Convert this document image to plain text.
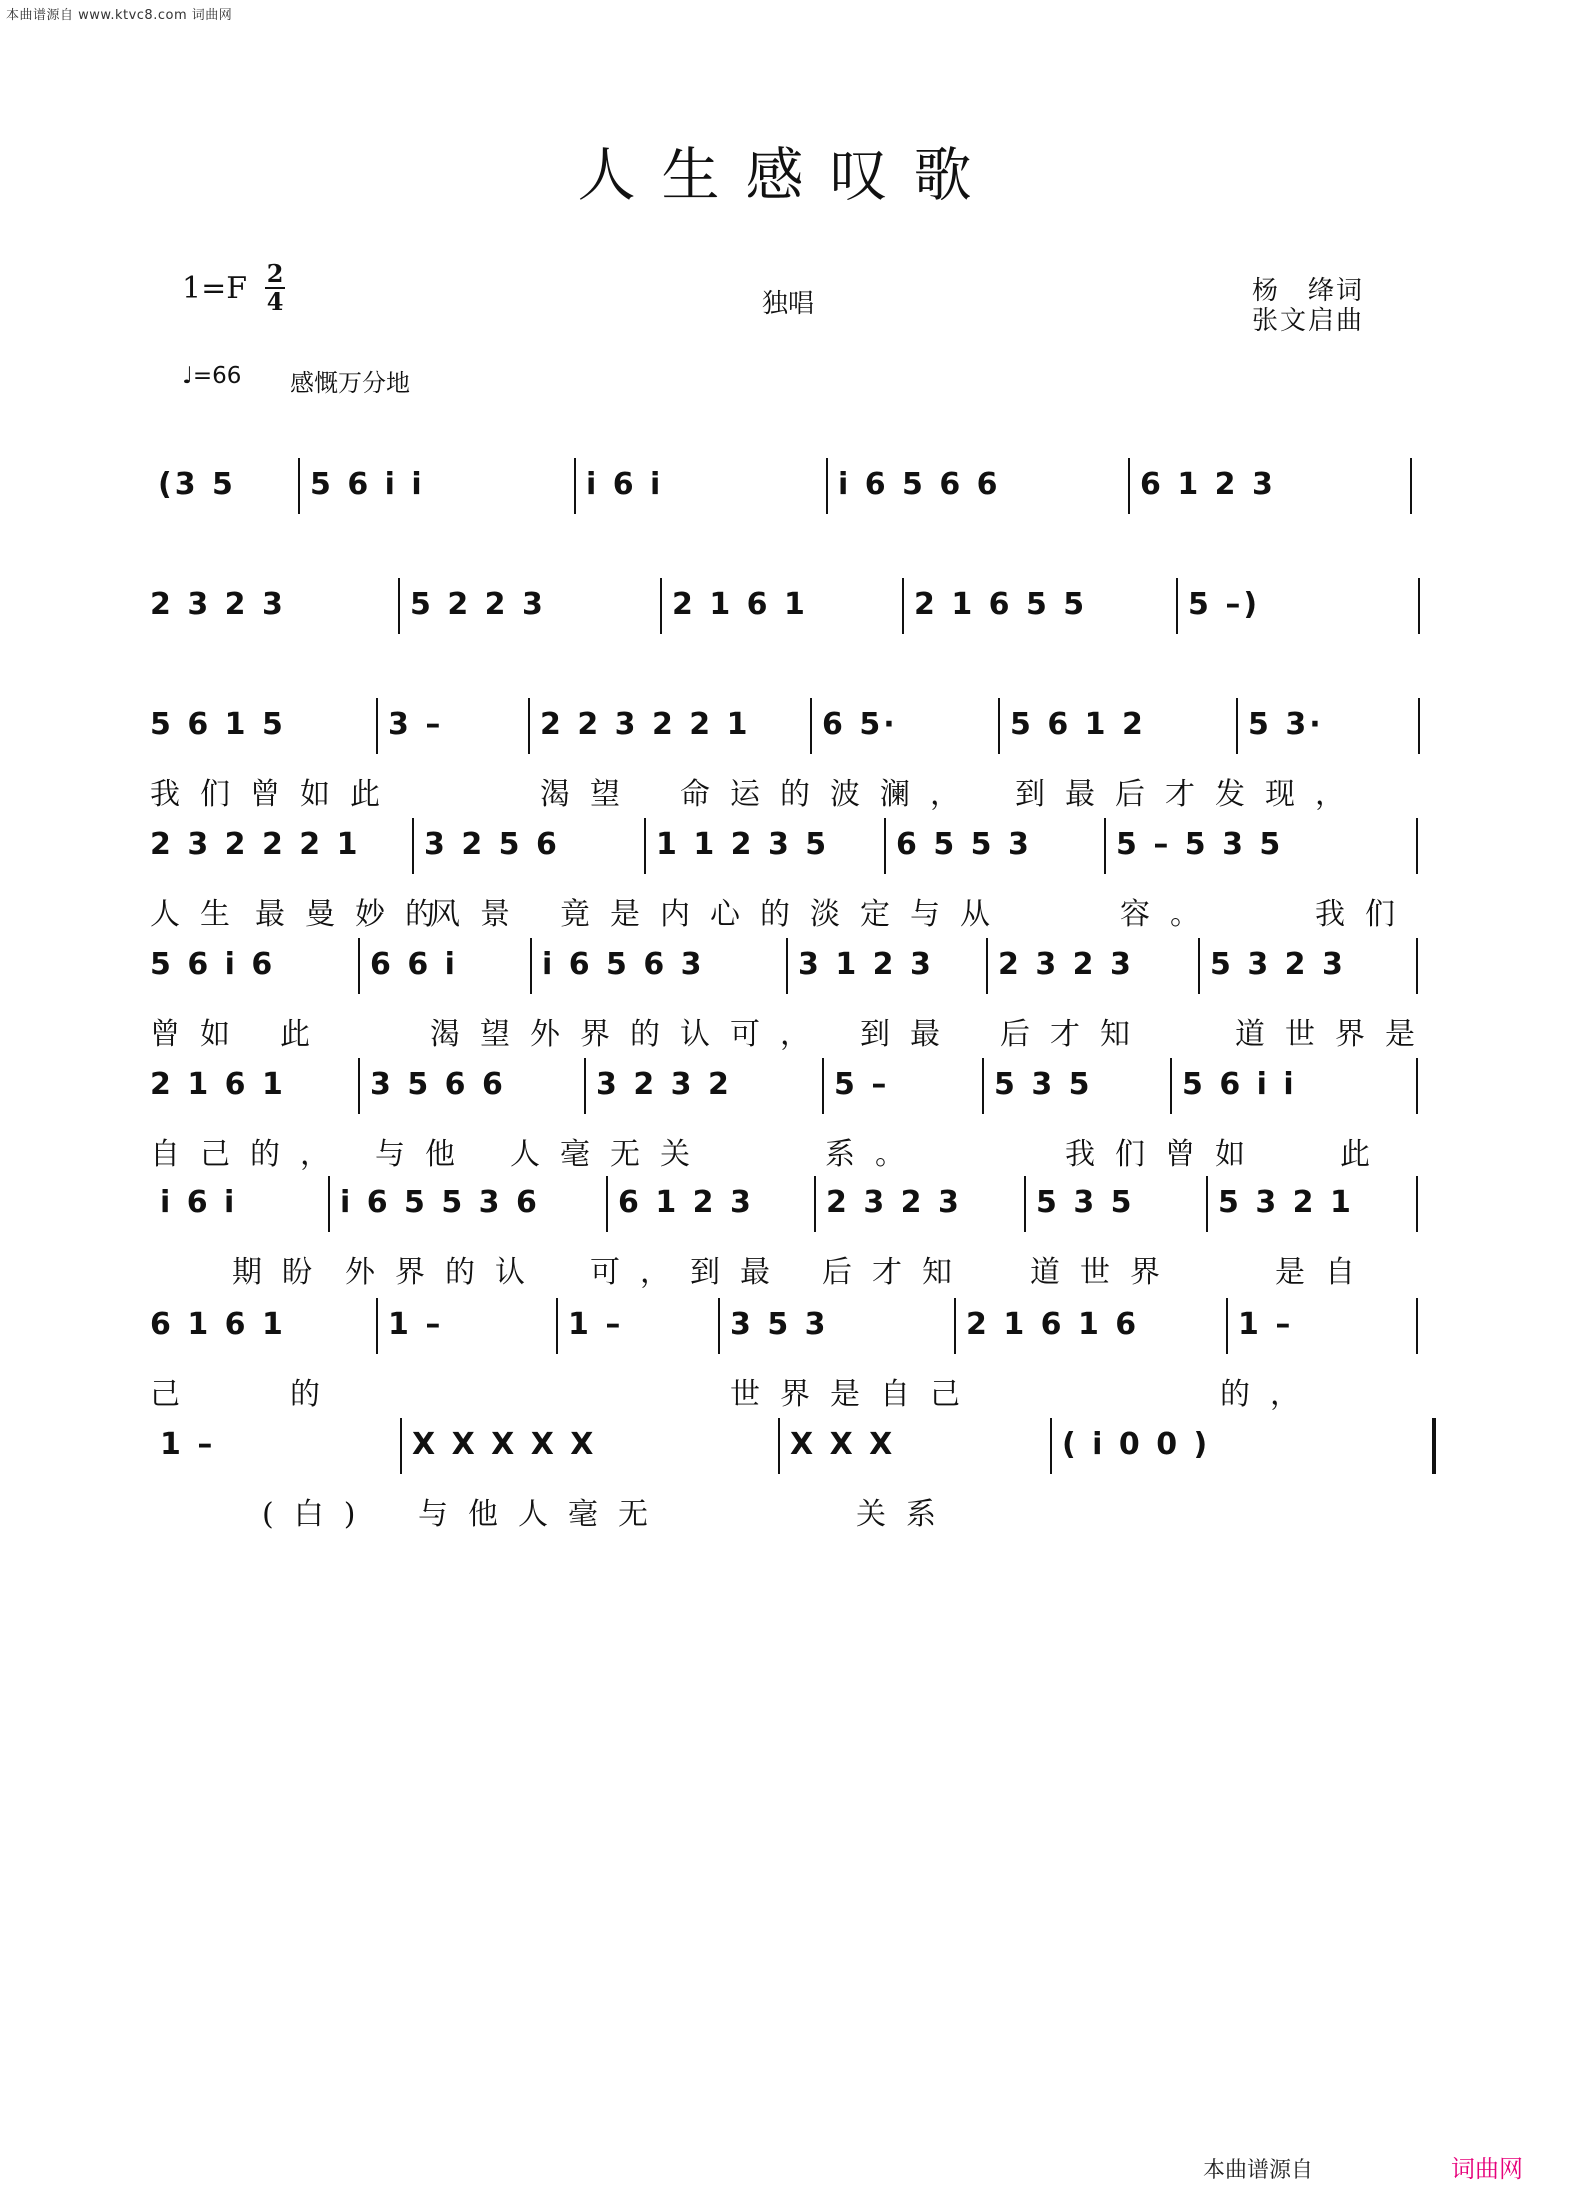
本曲谱源自 www.ktvc8.com 词曲网
人生感叹歌
1=F 2
4	独唱	杨　绛词
张文启曲
♩=66 感慨万分地
(3 5	5 6 i i	i 6 i	i 6 5 6 6	6 1 2 3
2 3 2 3	5 2 2 3	2 1 6 1	2 1 6 5 5	5 –)
5 6 1 5	3 –	2 2 3 2 2 1	6 5·	5 6 1 2	5 3·
我们曾如此	渴望 命运的波澜， 到最后才发现，
2 3 2 2 2 1	3 2 5 6	1 1 2 3 5	6 5 5 3	5 – 5 3 5
人生 最曼妙的
风景 竟是内心的淡定与从	容。	我们
5 6 i 6	6 6 i	i 6 5 6 3	3 1 2 3	2 3 2 3	5 3 2 3
曾如 此	渴望外界的认可， 到最 后才知	道世界是
2 1 6 1	3 5 6 6	3 2 3 2	5 –	5 3 5	5 6 i i
自己的， 与他 人毫无关	系。	我们曾如	此
i 6 i	i 6 5 5 3 6	6 1 2 3	2 3 2 3	5 3 5	5 3 2 1
期盼 外界的认 可， 到最 后才知 道世界	是自
6 1 6 1	1 –	1 –	3 5 3	2 1 6 1 6	1 –
己	的	世界是自己	的，
1 –	X X X X X	X X X	( i 0 0 )
(白) 与他人毫无	关系
本曲谱源自	词曲网
